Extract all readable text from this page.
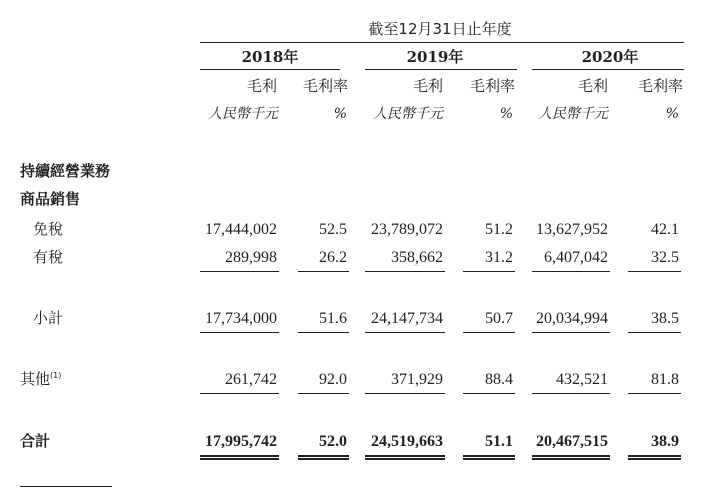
截至12月31日止年度
2018年	2019年	2020年
毛利	毛利率	毛利	毛利率	毛利	毛利率
人民幣千元	%	人民幣千元	%	人民幣千元	%
持續經營業務
商品銷售
免稅	17,444,002	52.5	23,789,072	51.2	13,627,952	42.1
有稅	289,998	26.2	358,662	31.2	6,407,042	32.5
小計	17,734,000	51.6	24,147,734	50.7	20,034,994	38.5
其他$^{(1)}$	261,742	92.0	371,929	88.4	432,521	81.8
合計	17,995,742	52.0	24,519,663	51.1	20,467,515	38.9
